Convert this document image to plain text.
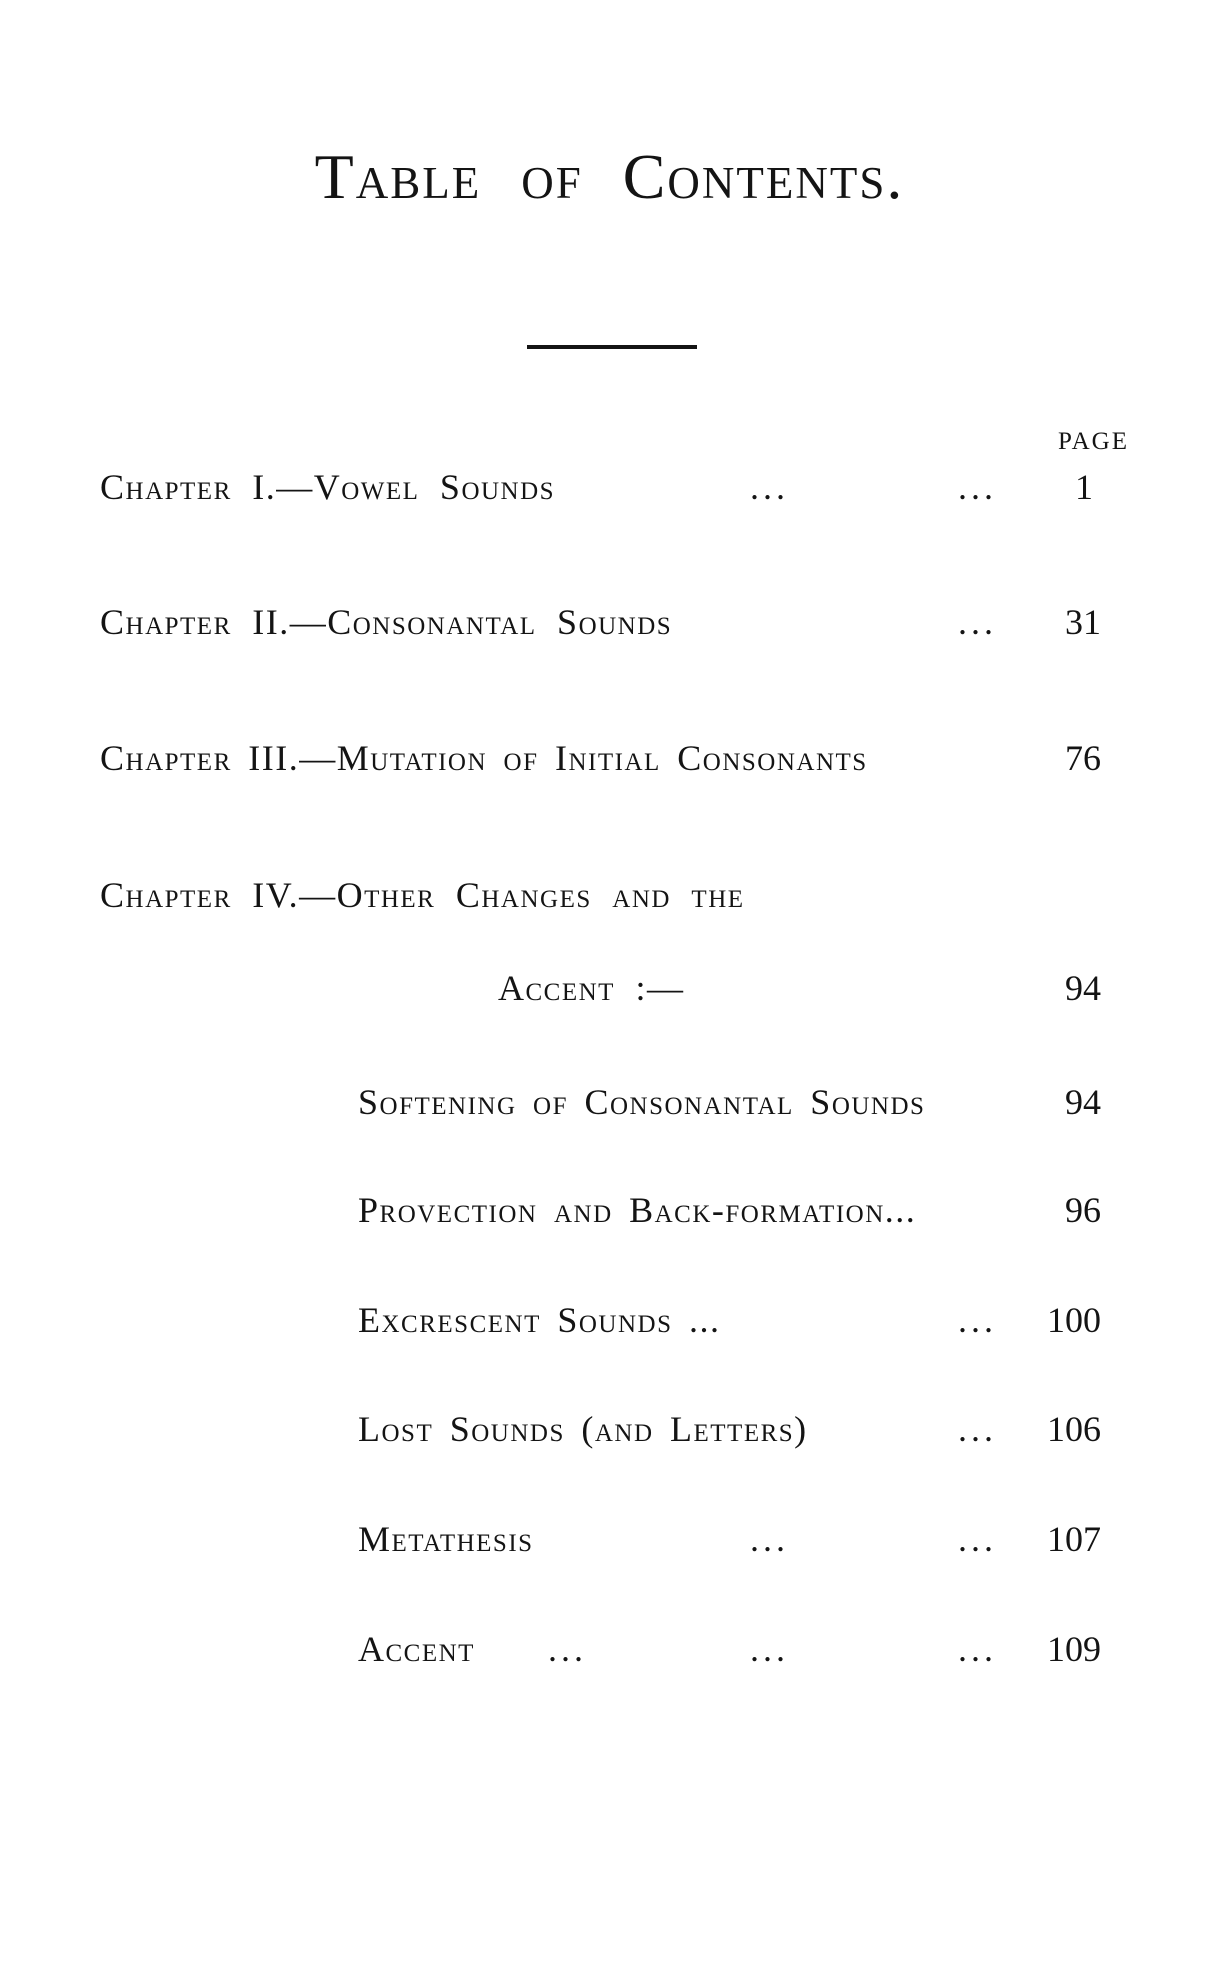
Table of Contents.
PAGE
Chapter I.—Vowel Sounds	...	... 1
Chapter II.—Consonantal Sounds	... 31
Chapter III.—Mutation of Initial Consonants	76
Chapter IV.—Other Changes and the
Accent :—	94
Softening of Consonantal Sounds	94
Provection and Back-formation...	96
Excrescent Sounds ...	... 100
Lost Sounds (and Letters)	... 106
Metathesis	...	... 107
Accent ...	...	... 109
